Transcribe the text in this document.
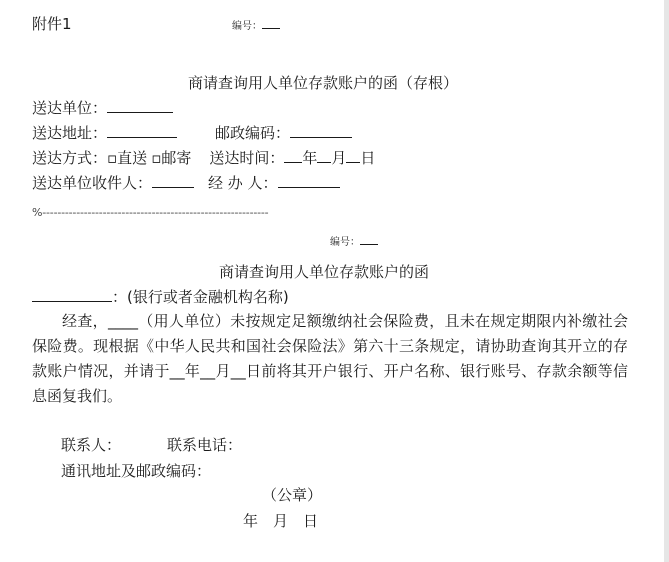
附件1	编号：
商请查询用人单位存款账户的函（存根）
送达单位：
送达地址：	邮政编码：
送达方式：▫直送 ▫邮寄 送达时间： 年 月 日
送达单位收件人：	经 办 人：
%------------------------------------------------------------
编号：
商请查询用人单位存款账户的函
：(银行或者金融机构名称)
经查，____（用人单位）未按规定足额缴纳社会保险费，且未在规定期限内补缴社会保险费。现根据《中华人民共和国社会保险法》第六十三条规定，请协助查询其开立的存款账户情况，并请于__年__月__日前将其开户银行、开户名称、银行账号、存款余额等信息函复我们。
联系人：	联系电话：
通讯地址及邮政编码：
（公章）
年　月　日
